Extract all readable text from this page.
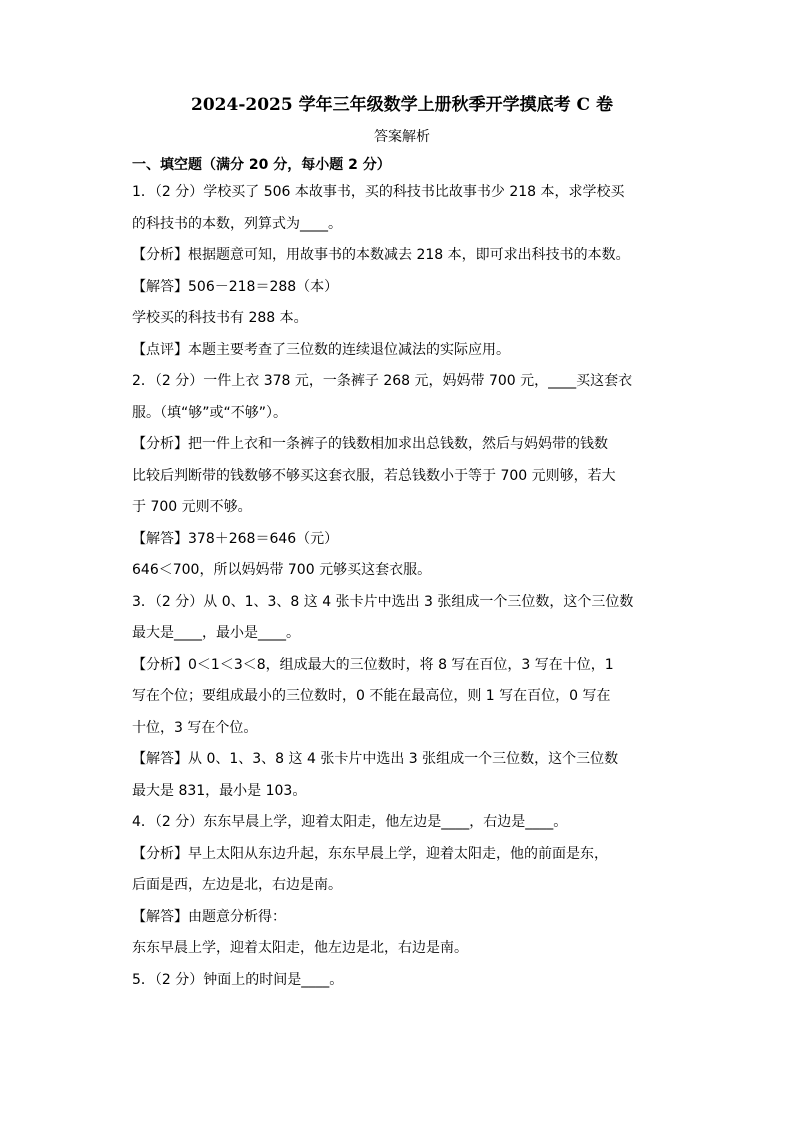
2024-2025 学年三年级数学上册秋季开学摸底考 C 卷
答案解析
一、填空题（满分 20 分，每小题 2 分）
1．（2 分）学校买了 506 本故事书，买的科技书比故事书少 218 本，求学校买
的科技书的本数，列算式为____。
【分析】根据题意可知，用故事书的本数减去 218 本，即可求出科技书的本数。
【解答】506－218＝288（本）
学校买的科技书有 288 本。
【点评】本题主要考查了三位数的连续退位减法的实际应用。
2．（2 分）一件上衣 378 元，一条裤子 268 元，妈妈带 700 元，____买这套衣
服。（填“够”或“不够”）。
【分析】把一件上衣和一条裤子的钱数相加求出总钱数，然后与妈妈带的钱数
比较后判断带的钱数够不够买这套衣服，若总钱数小于等于 700 元则够，若大
于 700 元则不够。
【解答】378＋268＝646（元）
646＜700，所以妈妈带 700 元够买这套衣服。
3．（2 分）从 0、1、3、8 这 4 张卡片中选出 3 张组成一个三位数，这个三位数
最大是____，最小是____。
【分析】0＜1＜3＜8，组成最大的三位数时，将 8 写在百位，3 写在十位，1
写在个位；要组成最小的三位数时，0 不能在最高位，则 1 写在百位，0 写在
十位，3 写在个位。
【解答】从 0、1、3、8 这 4 张卡片中选出 3 张组成一个三位数，这个三位数
最大是 831，最小是 103。
4．（2 分）东东早晨上学，迎着太阳走，他左边是____，右边是____。
【分析】早上太阳从东边升起，东东早晨上学，迎着太阳走，他的前面是东，
后面是西，左边是北，右边是南。
【解答】由题意分析得：
东东早晨上学，迎着太阳走，他左边是北，右边是南。
5．（2 分）钟面上的时间是____。
